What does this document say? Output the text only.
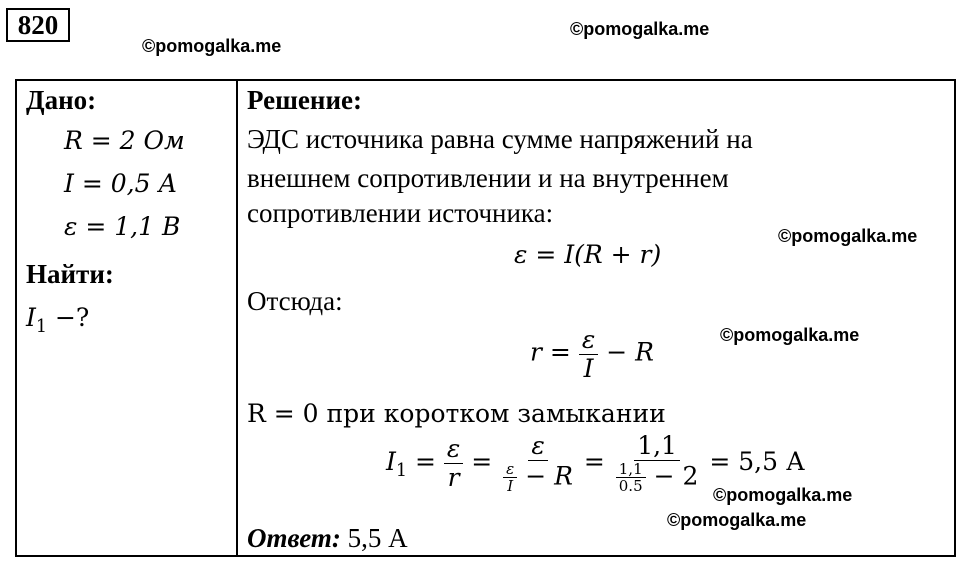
820
©pomogalka.me
©pomogalka.me
©pomogalka.me
©pomogalka.me
©pomogalka.me
©pomogalka.me
Дано:
R = 2 Ом
I = 0,5 А
ε = 1,1 В
Найти:
$I_1$ −?
Решение:
ЭДС источника равна сумме напряжений на
внешнем сопротивлении и на внутреннем
сопротивлении источника:
ε = I(R + r)
Отсюда:
$r = \frac{\varepsilon}{I} - R$
R = 0 при коротком замыкании
$I_1 = \frac{\varepsilon}{r} = \frac{\varepsilon}{\frac{\varepsilon}{I} - R} = \frac{1,1}{\frac{1,1}{0.5} - 2} = 5,5$ А
Ответ: 5,5 А
